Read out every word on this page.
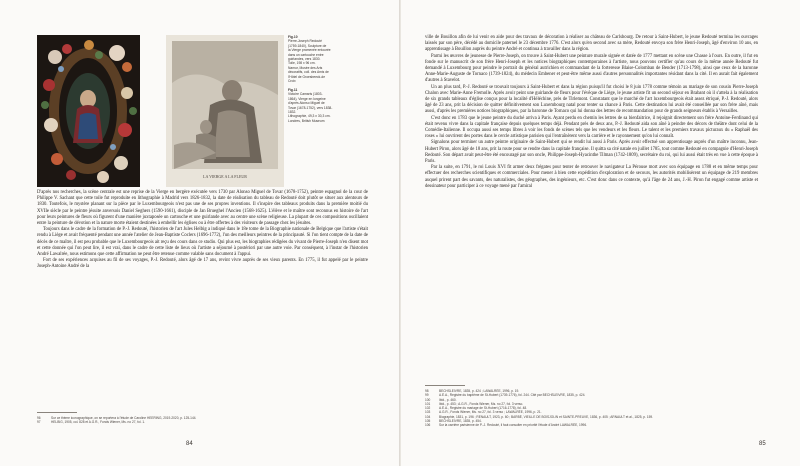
LA VIERGE A LA FLEUR
Fig.10
Pierre-Joseph Redouté
(1759-1840), Sculpture de
la Vierge promenée entourée
dans un cartouche entre
guirlandes, vers 1830.
Toile, 198 x 96 cm.
Namur, Musée des Arts
décoratifs, coll. des Amis de
l'Hôtel de Groesbeeck-de
Croix
Fig.11
Victoire Camaris (1803-
1864), Vierge en longeine
d'après Alonso Miguel de
Tovar (1678-1752), vers 1838-
1832.
Lithographie, 49,3 x 30,3 cm.
Londres, British Museum

D'après nos recherches, la scène centrale est une reprise de la Vierge en bergère exécutée vers 1730 par Alonso Miguel de Tovar (1678-1752), peintre espagnol de la cour de Philippe V. Sachant que cette toile fut reproduite en lithographie à Madrid vers 1826-1832, la date de réalisation du tableau de Redouté doit plutôt se situer aux alentours de 1830. Toutefois, le mystère planant sur la pièce par le Luxembourgeois n'est pas une de ses propres inventions. Il s'inspire des tableaux produits dans la première moitié du XVIIe siècle par le peintre jésuite anversois Daniel Seghers (1590-1661), disciple de Jan Brueghel l'Ancien (1568-1625). L'élève et le maître sont reconnus en histoire de l'art pour leurs peintures de fleurs où figurent d'une manière juxtaposée un cartouche et une guirlande avec au centre une scène religieuse. La plupart de ces compositions oscillaient entre la peinture de dévotion et la nature morte étaient destinées à embellir les églises ou à être offertes à des visiteurs de passage chez les jésuites.

Toujours dans le cadre de la formation de P.-J. Redouté, l'historien de l'art Jules Helbig a indiqué dans le 18e tome de la Biographie nationale de Belgique que l'artiste s'était rendu à Liège et avait fréquenté pendant une année l'atelier de Jean-Baptiste Coclers (1696-1772), l'un des meilleurs peintres de la principauté. Si l'on tient compte de la date de décès de ce maître, il est peu probable que le Luxembourgeois ait reçu des cours dans ce studio. Qui plus est, les biographies rédigées du vivant de Pierre-Joseph n'en disent mot et cette donnée qui l'on peut lire, il est vrai, dans le cadre de cette liste de lieux où l'artiste a séjourné à postériori par une autre voie. Par conséquent, à l'instar de l'historien André Lawalrée, nous estimons que cette affirmation ne peut être retenue comme valable sans document à l'appui.

Fort de ses expériences acquises au fil de ses voyages, P.-J. Redouté, alors âgé de 17 ans, revint vivre auprès de ses vieux parents. En 1775, il fut appelé par le peintre Joseph-Antoine André de la

96	Sur ce thème iconographique, on se reportera à l'étude de Caroline HEERING, 2019-2020, p. 125-144.
97	HELBIG, 1905, col. 828 et A.G.R., Fonds Wiener, Ms. no 27, fol. 1.
84

ville de Bouillon afin de lui venir en aide pour des travaux de décoration à réaliser au château de Carlsbourg. De retour à Saint-Hubert, le jeune Redouté termina les ouvrages laissés par son père, décédé au domicile paternel le 23 décembre 1776. C'est alors qu'en second avec sa mère, Redouté envoya son frère Henri-Joseph, âgé d'environ 10 ans, en apprentissage à Bouillon auprès du peintre André et continua à travailler dans la région.

Parmi les œuvres de jeunesse de Pierre-Joseph, on trouve à Saint-Hubert une peinture murale signée et datée de 1777 mettant en scène une Chasse à l'ours. En outre, il fut en fonde sur le manuscrit de son frère Henri-Joseph et les notices biographiques contemporaines à l'artiste, nous pouvons certifier qu'au cours de la même année Redouté fut demandé à Luxembourg pour peindre le portrait du général autrichien et commandant de la forteresse Blaise-Colomban de Bender (1713-1798), ainsi que ceux de la baronne Anne-Marie-Auguste de Tornaco (1739-1824), du médecin Embener et peut-être même aussi d'autres personnalités importantes résidant dans la cité. Il en aurait fait également d'autres à Stavelot.

Un an plus tard, P.-J. Redouté se trouvait toujours à Saint-Hubert et dans la région puisqu'il fut choisi le 8 juin 1778 comme témoin au mariage de son cousin Pierre-Joseph Chalon avec Marie-Anne Fremolle. Après avoir peint une guirlande de fleurs pour l'évêque de Liège, le jeune artiste fit un second séjour en Brabant où il s'attela à la réalisation de six grands tableaux d'église conçus pour la localité d'Héléchine, près de Tirlemont. Constatant que le marché de l'art luxembourgeois était assez étriqué, P.-J. Redouté, alors âgé de 23 ans, prit la décision de quitter définitivement son Luxembourg natal pour tenter sa chance à Paris. Cette destination lui avait été conseillée par son frère aîné, mais aussi, d'après les premières notices biographiques, par la baronne de Tornaco qui lui donna des lettres de recommandation pour de grands seigneurs établis à Versailles.

C'est donc en 1783 que le jeune peintre du duché arriva à Paris. Ayant perdu en chemin les lettres de sa bienfaitrice, il rejoignit directement son frère Antoine-Ferdinand qui était revenu vivre dans la capitale française depuis quelques temps déjà. Pendant près de deux ans, P.-J. Redouté aida son aîné à peindre des décors de théâtre dont celui de la Comédie-Italienne. Il occupa aussi ses temps libres à voir les fonds de scènes tels que les vendeurs et les fleurs. Le talent et les premiers travaux picturaux du « Raphaël des roses » lui ouvrirent des portes dans le cercle artistique parisien qui l'entraînèrent vers la carrière et le rayonnement qu'on lui connaît.

Signalons pour terminer un autre peintre originaire de Saint-Hubert qui se rendit lui aussi à Paris. Après avoir effectué son apprentissage auprès d'un maître inconnu, Jean-Hubert Piron, alors âgé de 18 ans, prit la route pour se rendre dans la capitale française. Il quitta sa cité natale en juillet 1785, tout comme Redouté en compagnie d'Henri-Joseph Redouté. Son départ avait peut-être été encouragé par son oncle, Philippe-Joseph-Hyacinthe Tilman (1742-1809), secrétaire du roi, qui lui aussi était très en vue à cette époque à Paris.

Par la suite, en 1791, le roi Louis XVI fit armer deux frégates pour tenter de retrouver le navigateur La Pérouse mort avec son équipage en 1788 et en même temps pour effectuer des recherches scientifiques et commerciales. Pour mener à bien cette expédition d'exploration et de secours, les autorités mobilisèrent un équipage de 219 membres auquel prirent part des savants, des naturalistes, des géographes, des ingénieurs, etc. C'est donc dans ce contexte, qu'à l'âge de 24 ans, J.-H. Piron fut engagé comme artiste et dessinateur pour participer à ce voyage mené par l'amiral

98	BECHSLEIVRE, 1835, p. 424 ; LAWALRÉE, 1996, p. 19.
99	A.É.A., Registre du baptême de St-Hubert (1739-1776), fol. 244. Cité par BECHSLEIVRE, 1835, p. 424.
100	Ibid., p. 460.
101	Ibid., p. 453 ; A.G.R., Fonds Wiener, Ms. no 27, fol. 3 verso.
102	A.É.A., Registre du mariage de St-Hubert (1716-1778), fol. 48.
103	A.G.R., Fonds Wiener, Ms. no 27, fol. 3 verso ; LAWALRÉE, 1996, p. 21.
104	Biographie, 1831, p. 196 ; RENAULT, 1923, p. 60 ; BARBÉ, VIEILLE DE BOISJOLIN et SAINTE-PREUVE, 1836, p. 405 ; ARNAULT et al., 1825, p. 159.
105	BECHSLEIVRE, 1835, p. 454.
106	Sur la carrière parisienne de P.-J. Redouté, il faut consulter en priorité l'étude d'André LAWALRÉE, 1996.
85
